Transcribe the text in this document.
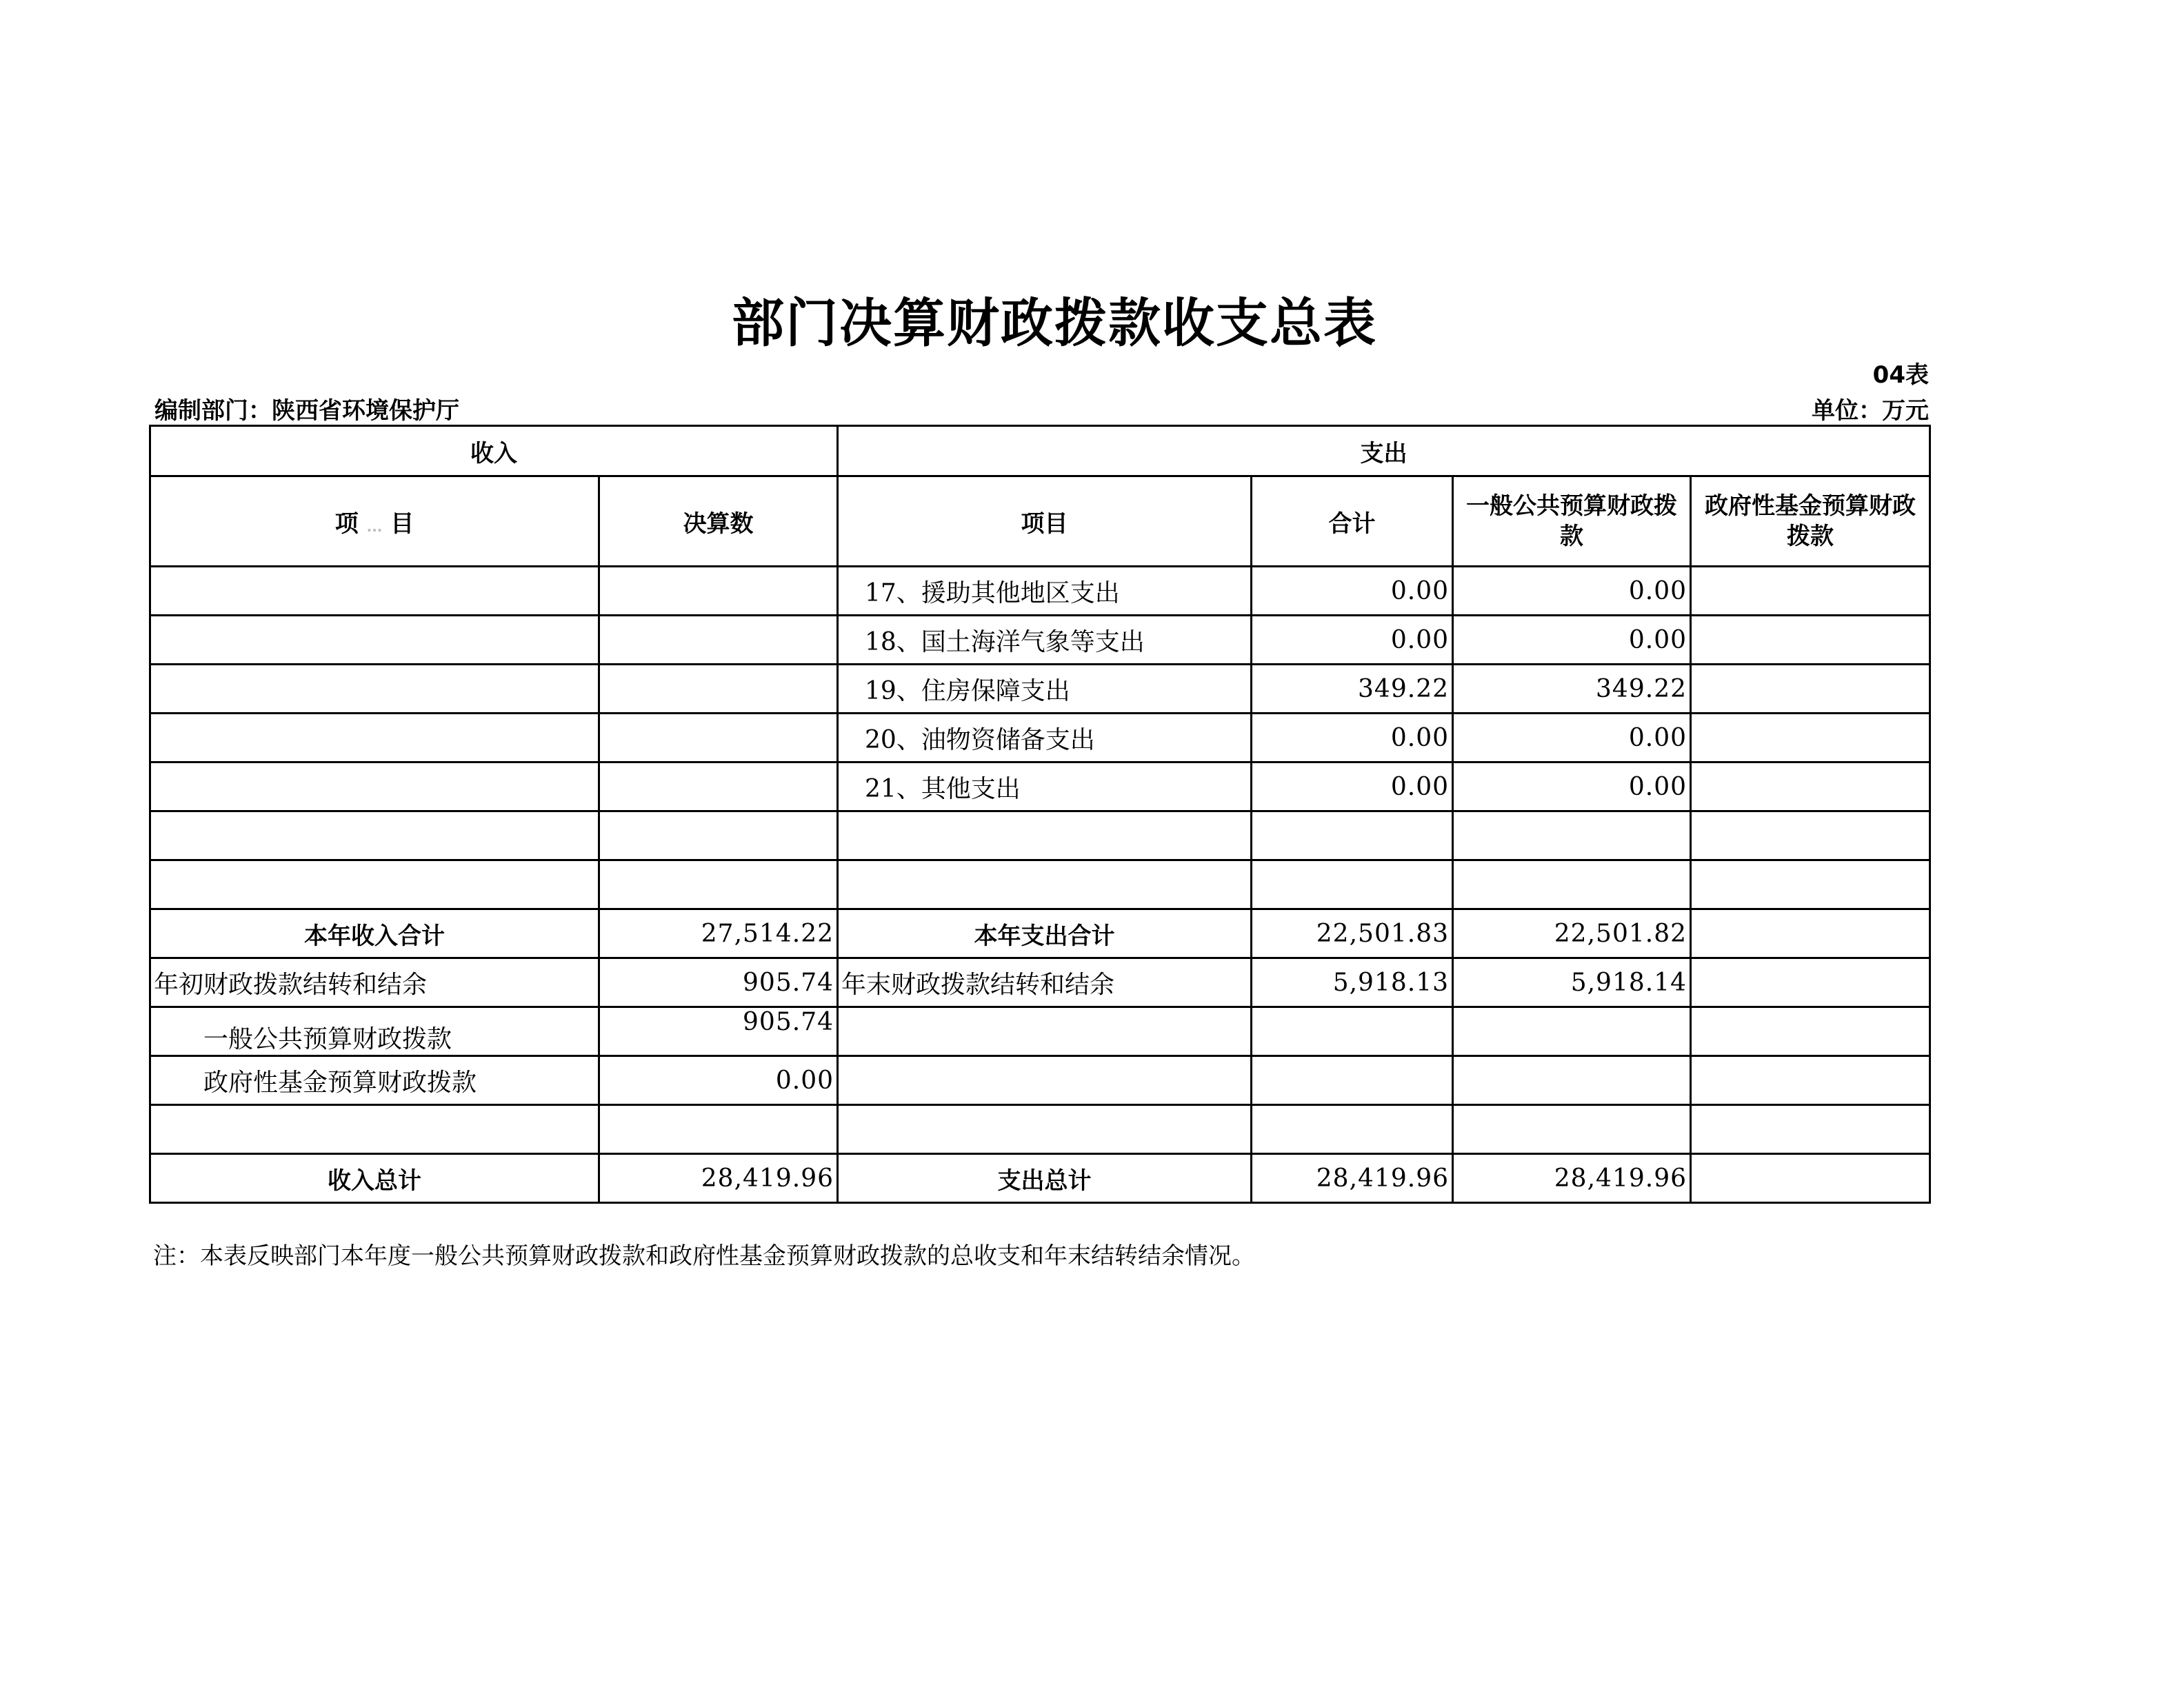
部门决算财政拨款收支总表
04表
编制部门：陕西省环境保护厅	单位：万元
收入		支出			
项 ... 目	决算数	项目	合计	一般公共预算财政拨款	政府性基金预算财政拨款
		17、援助其他地区支出	0.00	0.00	
		18、国土海洋气象等支出	0.00	0.00	
		19、住房保障支出	349.22	349.22	
		20、油物资储备支出	0.00	0.00	
		21、其他支出	0.00	0.00	

本年收入合计	27,514.22	本年支出合计	22,501.83	22,501.82	
年初财政拨款结转和结余	905.74	年末财政拨款结转和结余	5,918.13	5,918.14	
一般公共预算财政拨款	905.74				
政府性基金预算财政拨款	0.00				

收入总计	28,419.96	支出总计	28,419.96	28,419.96	
注：本表反映部门本年度一般公共预算财政拨款和政府性基金预算财政拨款的总收支和年末结转结余情况。
